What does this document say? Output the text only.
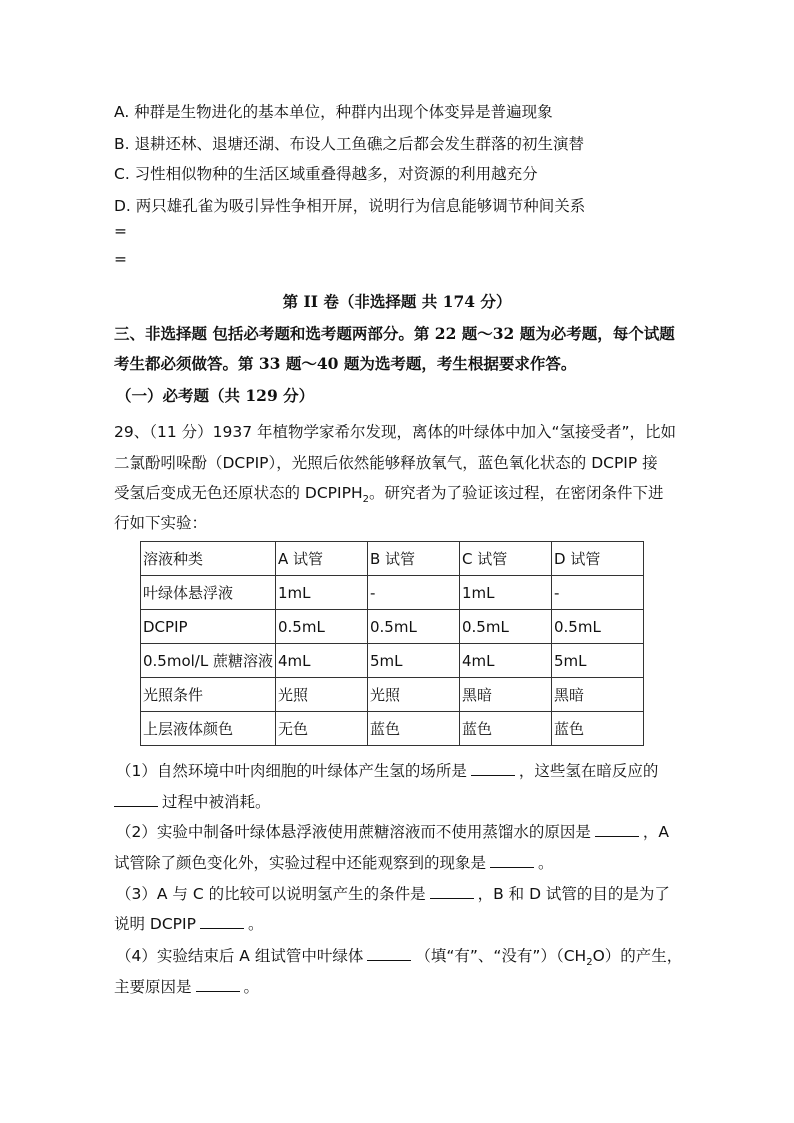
A. 种群是生物进化的基本单位，种群内出现个体变异是普遍现象
B. 退耕还林、退塘还湖、布设人工鱼礁之后都会发生群落的初生演替
C. 习性相似物种的生活区域重叠得越多，对资源的利用越充分
D. 两只雄孔雀为吸引异性争相开屏，说明行为信息能够调节种间关系
=
=
第 II 卷（非选择题 共 174 分）
三、非选择题 包括必考题和选考题两部分。第 22 题～32 题为必考题，每个试题
考生都必须做答。第 33 题～40 题为选考题，考生根据要求作答。
（一）必考题（共 129 分）
29、（11 分）1937 年植物学家希尔发现，离体的叶绿体中加入“氢接受者”，比如
二氯酚吲哚酚（DCPIP），光照后依然能够释放氧气，蓝色氧化状态的 DCPIP 接
受氢后变成无色还原状态的 $DCPIPH_2$。研究者为了验证该过程，在密闭条件下进
行如下实验：
溶液种类	A 试管	B 试管	C 试管	D 试管
叶绿体悬浮液	1mL	-	1mL	-
DCPIP	0.5mL	0.5mL	0.5mL	0.5mL
0.5mol/L 蔗糖溶液	4mL	5mL	4mL	5mL
光照条件	光照	光照	黑暗	黑暗
上层液体颜色	无色	蓝色	蓝色	蓝色
（1）自然环境中叶肉细胞的叶绿体产生氢的场所是	，这些氢在暗反应的
过程中被消耗。
（2）实验中制备叶绿体悬浮液使用蔗糖溶液而不使用蒸馏水的原因是	，A
试管除了颜色变化外，实验过程中还能观察到的现象是	。
（3）A 与 C 的比较可以说明氢产生的条件是	，B 和 D 试管的目的是为了
说明 DCPIP	。
（4）实验结束后 A 组试管中叶绿体	（填“有”、“没有$”)(CH_2O)$的产生，
主要原因是	。
